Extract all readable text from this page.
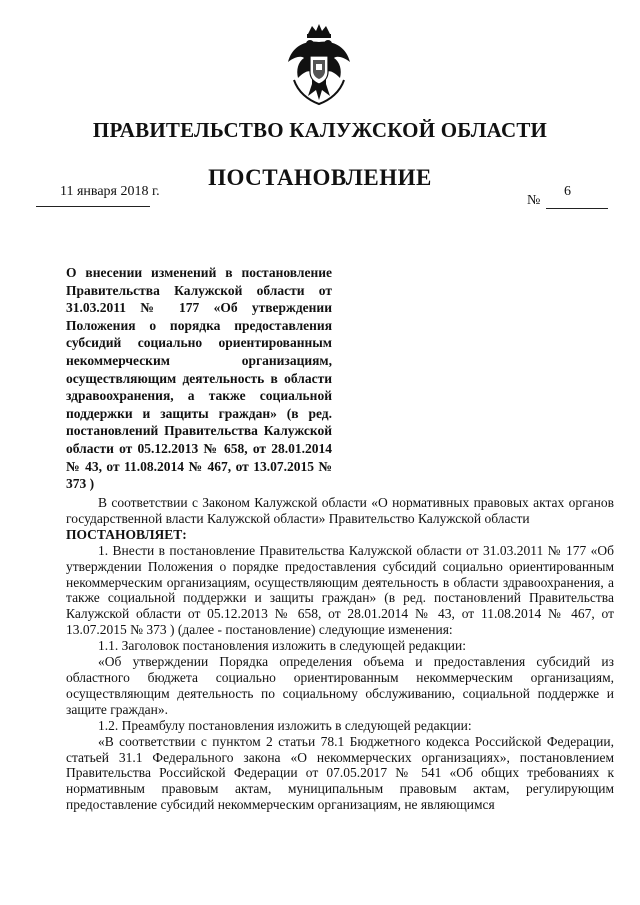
ПРАВИТЕЛЬСТВО КАЛУЖСКОЙ ОБЛАСТИ
ПОСТАНОВЛЕНИЕ
11 января 2018 г.	6
№
О внесении изменений в постановление Правительства Калужской области от 31.03.2011 № 177 «Об утверждении Положения о порядка предоставления субсидий социально ориентированным некоммерческим организациям, осуществляющим деятельность в области здравоохранения, а также социальной поддержки и защиты граждан» (в ред. постановлений Правительства Калужской области от 05.12.2013 № 658, от 28.01.2014 № 43, от 11.08.2014 № 467, от 13.07.2015 № 373 )

В соответствии с Законом Калужской области «О нормативных правовых актах органов государственной власти Калужской области» Правительство Калужской области

ПОСТАНОВЛЯЕТ:

1. Внести в постановление Правительства Калужской области от 31.03.2011 № 177 «Об утверждении Положения о порядке предоставления субсидий социально ориентированным некоммерческим организациям, осуществляющим деятельность в области здравоохранения, а также социальной поддержки и защиты граждан» (в ред. постановлений Правительства Калужской области от 05.12.2013 № 658, от 28.01.2014 № 43, от 11.08.2014 № 467, от 13.07.2015 № 373 ) (далее - постановление) следующие изменения:

1.1. Заголовок постановления изложить в следующей редакции:

«Об утверждении Порядка определения объема и предоставления субсидий из областного бюджета социально ориентированным некоммерческим организациям, осуществляющим деятельность по социальному обслуживанию, социальной поддержке и защите граждан».

1.2. Преамбулу постановления изложить в следующей редакции:

«В соответствии с пунктом 2 статьи 78.1 Бюджетного кодекса Российской Федерации, статьей 31.1 Федерального закона «О некоммерческих организациях», постановлением Правительства Российской Федерации от 07.05.2017 № 541 «Об общих требованиях к нормативным правовым актам, муниципальным правовым актам, регулирующим предоставление субсидий некоммерческим организациям, не являющимся
